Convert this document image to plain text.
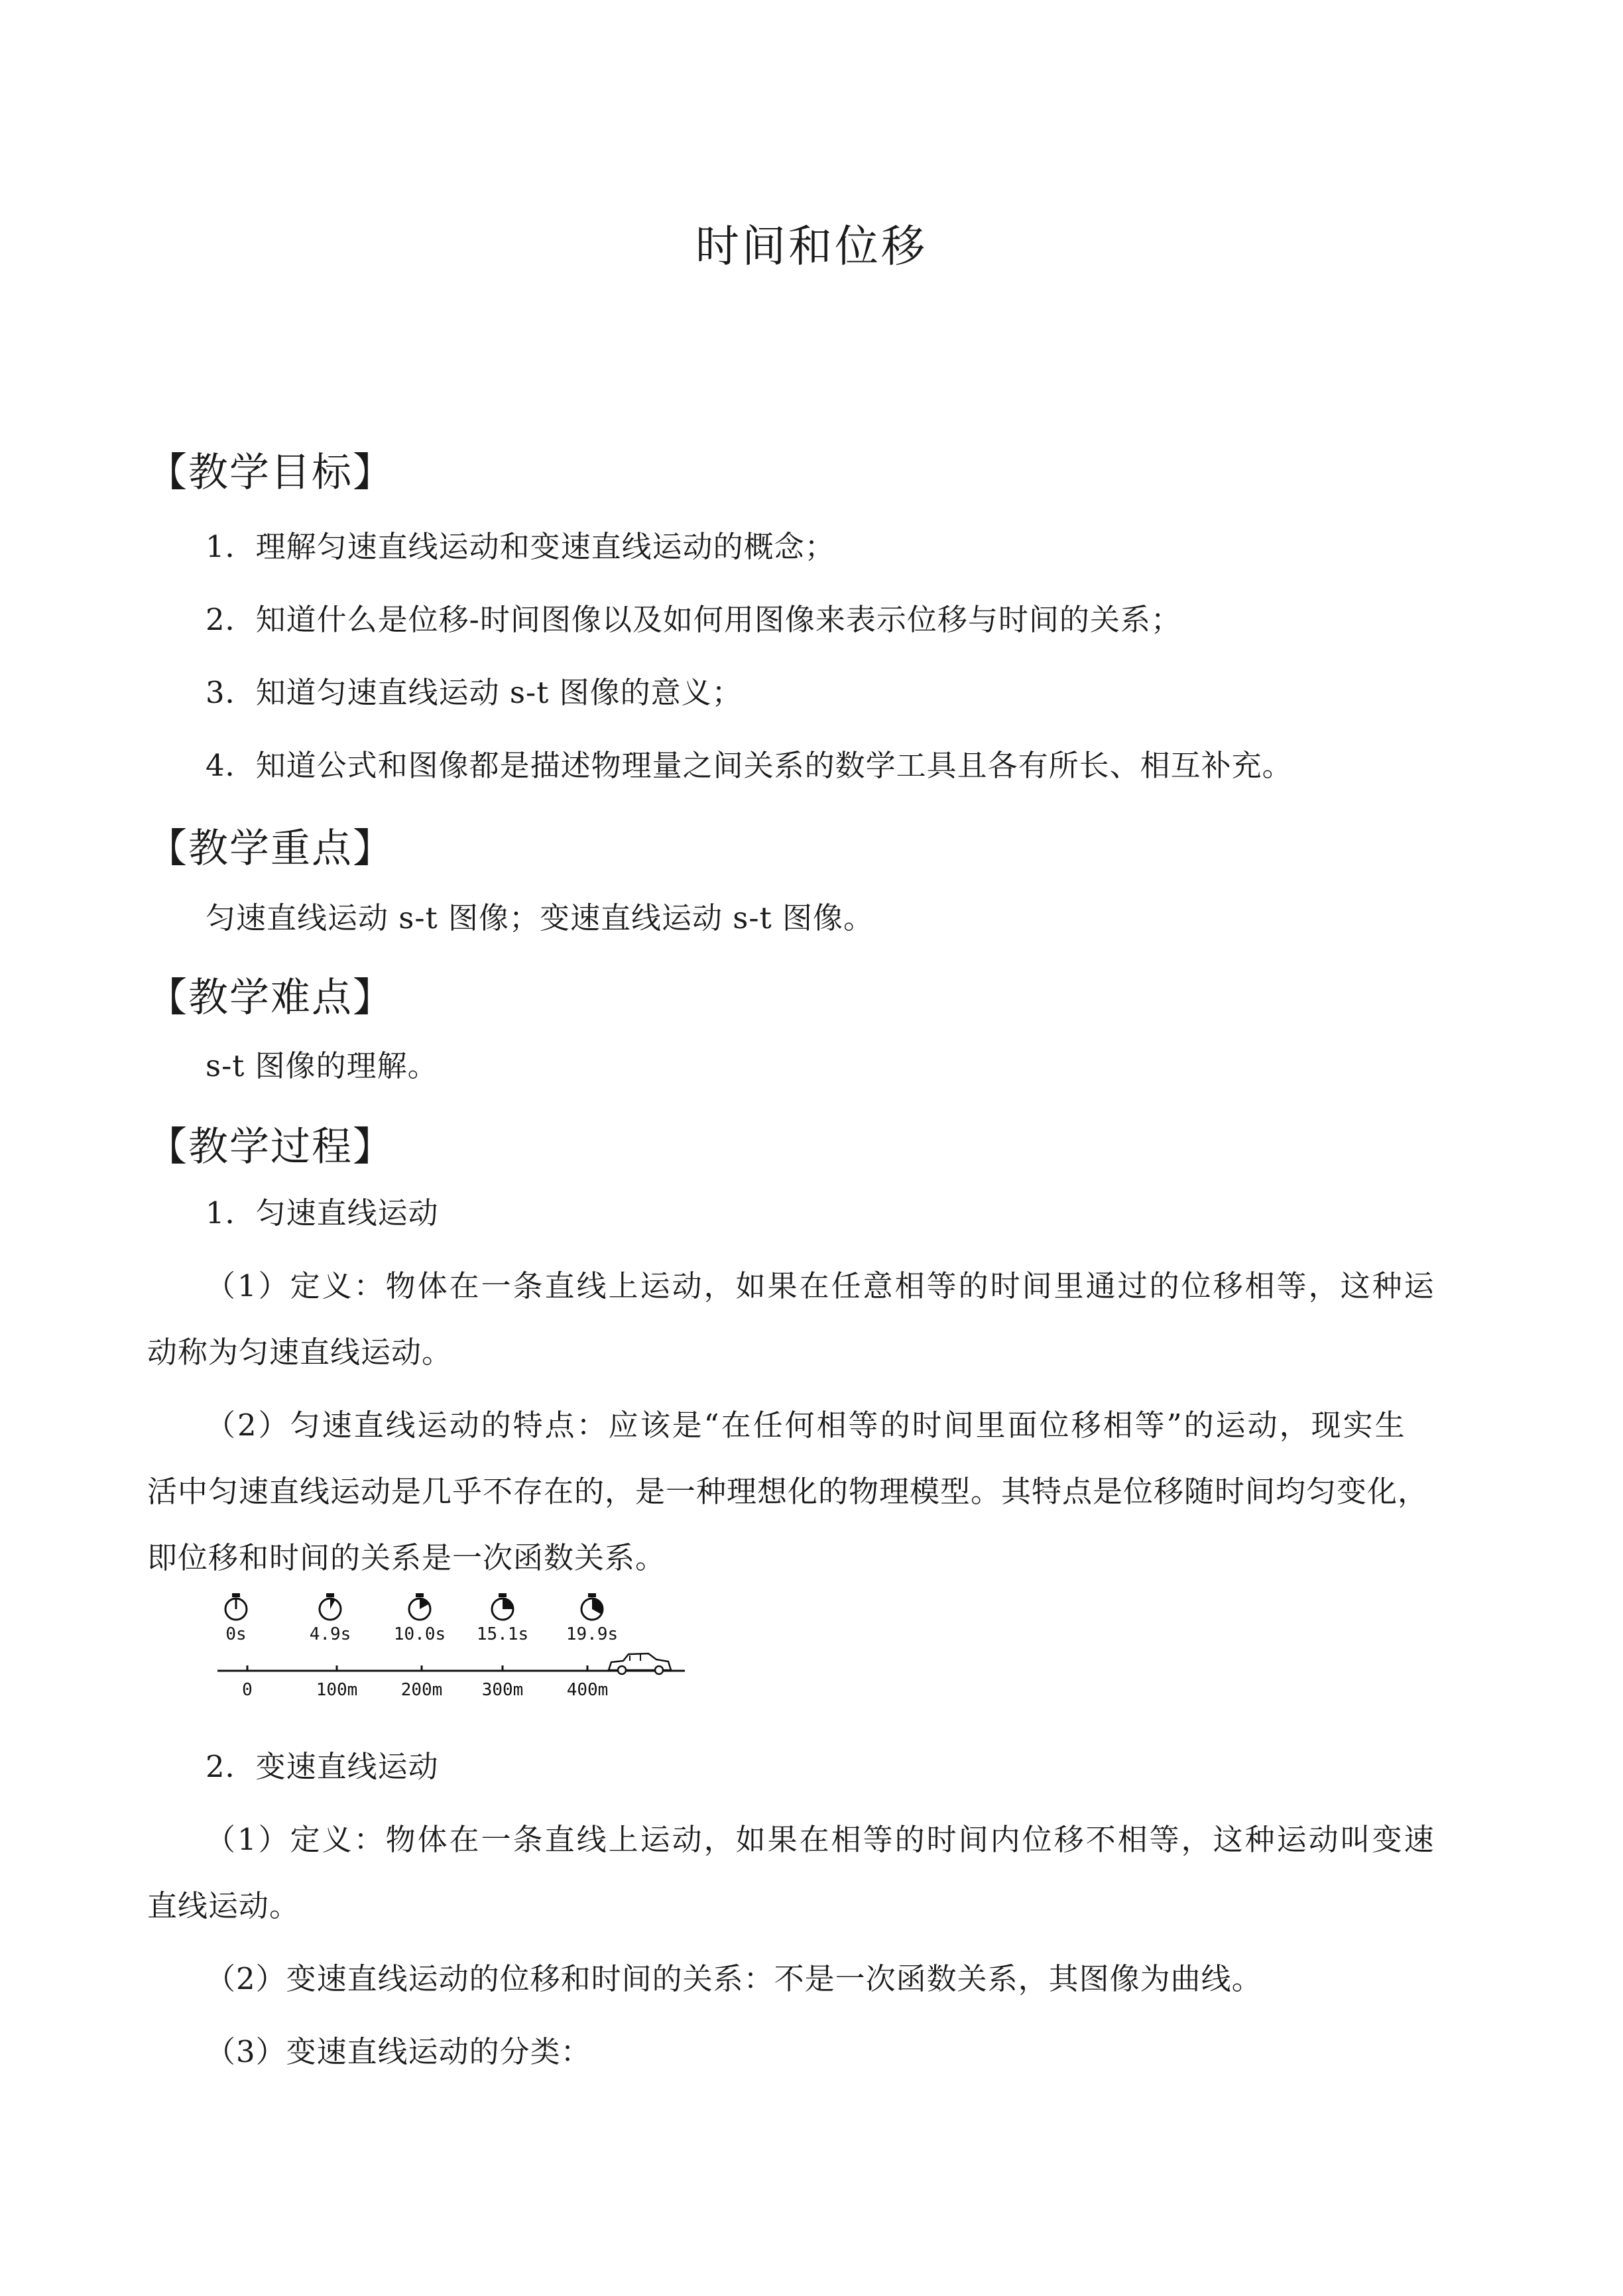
时间和位移
【教学目标】
1．理解匀速直线运动和变速直线运动的概念；
2．知道什么是位移-时间图像以及如何用图像来表示位移与时间的关系；
3．知道匀速直线运动 s-t 图像的意义；
4．知道公式和图像都是描述物理量之间关系的数学工具且各有所长、相互补充。
【教学重点】
匀速直线运动 s-t 图像；变速直线运动 s-t 图像。
【教学难点】
s-t 图像的理解。
【教学过程】
1．匀速直线运动
（1）定义：物体在一条直线上运动，如果在任意相等的时间里通过的位移相等，这种运
动称为匀速直线运动。
（2）匀速直线运动的特点：应该是“在任何相等的时间里面位移相等”的运动，现实生
活中匀速直线运动是几乎不存在的，是一种理想化的物理模型。其特点是位移随时间均匀变化，
即位移和时间的关系是一次函数关系。
0s	4.9s 10.0s 15.1s 19.9s
0	100m	200m 300m	400m
2．变速直线运动
（1）定义：物体在一条直线上运动，如果在相等的时间内位移不相等，这种运动叫变速
直线运动。
（2）变速直线运动的位移和时间的关系：不是一次函数关系，其图像为曲线。
（3）变速直线运动的分类：
